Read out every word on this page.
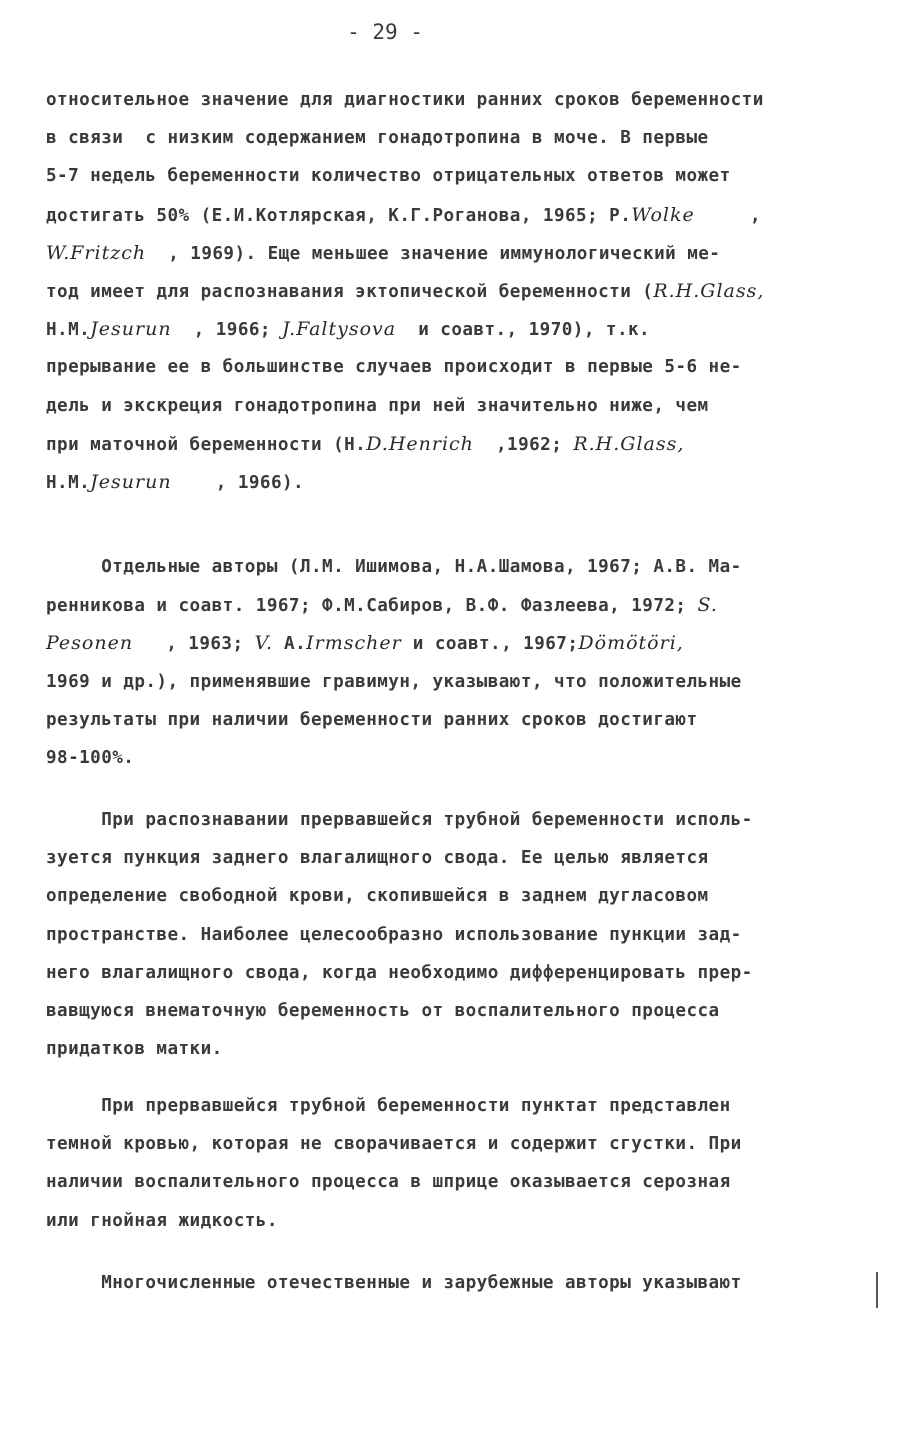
- 29 -
относительное значение для диагностики ранних сроков беременности
в связи  с низким содержанием гонадотропина в моче. В первые
5-7 недель беременности количество отрицательных ответов может
достигать 50% (Е.И.Котлярская, К.Г.Роганова, 1965; Р.Wolke     ,
W.Fritzch  , 1969). Еще меньшее значение иммунологический ме-
тод имеет для распознавания эктопической беременности (R.H.Glass,
Н.М.Jesurun  , 1966; J.Faltysova  и соавт., 1970), т.к.
прерывание ее в большинстве случаев происходит в первые 5-6 не-
дель и экскреция гонадотропина при ней значительно ниже, чем
при маточной беременности (Н.D.Henrich  ,1962; R.H.Glass,
Н.М.Jesurun    , 1966).
Отдельные авторы (Л.М. Ишимова, Н.А.Шамова, 1967; А.В. Ма-
ренникова и соавт. 1967; Ф.М.Сабиров, В.Ф. Фазлеева, 1972; S.
Pesonen   , 1963; V. А.Irmscher и соавт., 1967;Dömötöri,
1969 и др.), применявшие гравимун, указывают, что положительные
результаты при наличии беременности ранних сроков достигают
98-100%.
При распознавании прервавшейся трубной беременности исполь-
зуется пункция заднего влагалищного свода. Ее целью является
определение свободной крови, скопившейся в заднем дугласовом
пространстве. Наиболее целесообразно использование пункции зад-
него влагалищного свода, когда необходимо дифференцировать прер-
вавщуюся внематочную беременность от воспалительного процесса
придатков матки.
При прервавшейся трубной беременности пунктат представлен
темной кровью, которая не сворачивается и содержит сгустки. При
наличии воспалительного процесса в шприце оказывается серозная
или гнойная жидкость.
Многочисленные отечественные и зарубежные авторы указывают
